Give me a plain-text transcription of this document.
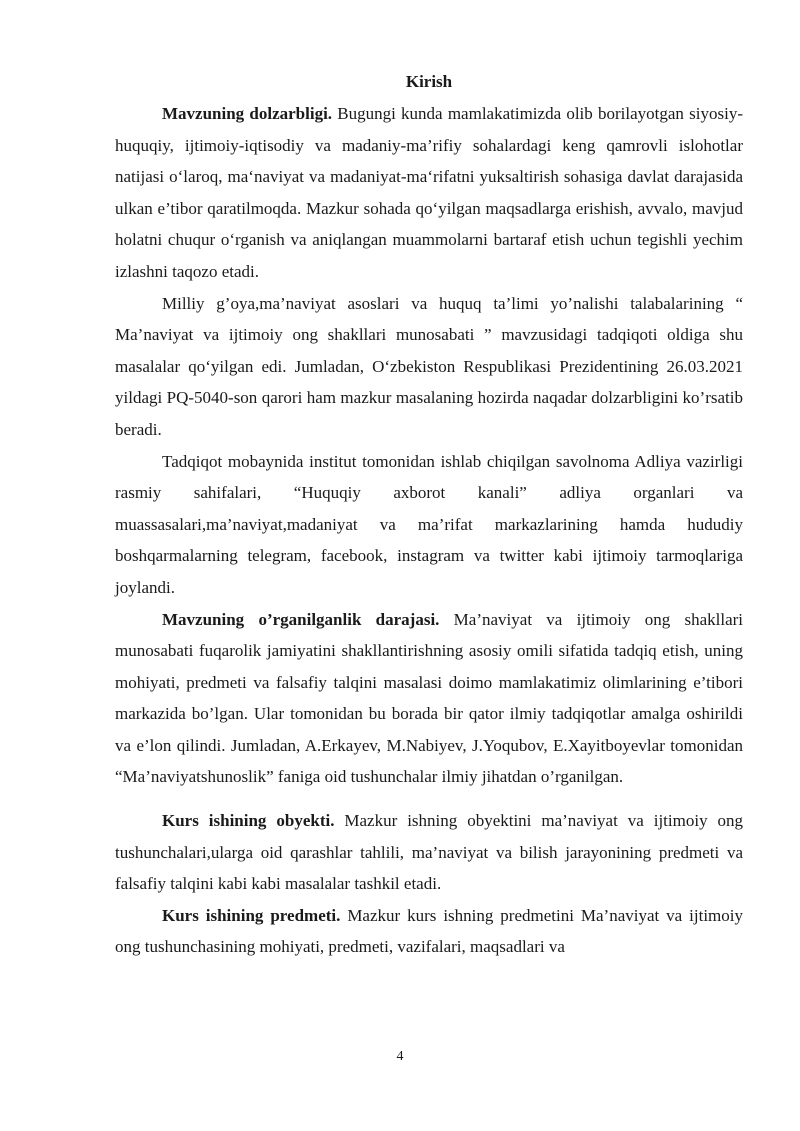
Kirish

Mavzuning dolzarbligi. Bugungi kunda mamlakatimizda olib borilayotgan siyosiy-huquqiy, ijtimoiy-iqtisodiy va madaniy-ma’rifiy sohalardagi keng qamrovli islohotlar natijasi oʻlaroq, maʻnaviyat va madaniyat-maʻrifatni yuksaltirish sohasiga davlat darajasida ulkan e’tibor qaratilmoqda. Mazkur sohada qoʻyilgan maqsadlarga erishish, avvalo, mavjud holatni chuqur oʻrganish va aniqlangan muammolarni bartaraf etish uchun tegishli yechim izlashni taqozo etadi.

Milliy g’oya,ma’naviyat asoslari va huquq ta’limi yo’nalishi talabalarining “ Ma’naviyat va ijtimoiy ong shakllari munosabati ” mavzusidagi tadqiqoti oldiga shu masalalar qoʻyilgan edi. Jumladan, Oʻzbekiston Respublikasi Prezidentining 26.03.2021 yildagi PQ-5040-son qarori ham mazkur masalaning hozirda naqadar dolzarbligini ko’rsatib beradi.

Tadqiqot mobaynida institut tomonidan ishlab chiqilgan savolnoma Adliya vazirligi rasmiy sahifalari, “Huquqiy axborot kanali” adliya organlari va muassasalari,ma’naviyat,madaniyat va ma’rifat markazlarining hamda hududiy boshqarmalarning telegram, facebook, instagram va twitter kabi ijtimoiy tarmoqlariga joylandi.

Mavzuning o’rganilganlik darajasi. Ma’naviyat va ijtimoiy ong shakllari munosabati fuqarolik jamiyatini shakllantirishning asosiy omili sifatida tadqiq etish, uning mohiyati, predmeti va falsafiy talqini masalasi doimo mamlakatimiz olimlarining e’tibori markazida bo’lgan. Ular tomonidan bu borada bir qator ilmiy tadqiqotlar amalga oshirildi va e’lon qilindi. Jumladan, A.Erkayev, M.Nabiyev, J.Yoqubov, E.Xayitboyevlar tomonidan “Ma’naviyatshunoslik” faniga oid tushunchalar ilmiy jihatdan o’rganilgan.

Kurs ishining obyekti. Mazkur ishning obyektini ma’naviyat va ijtimoiy ong tushunchalari,ularga oid qarashlar tahlili, ma’naviyat va bilish jarayonining predmeti va falsafiy talqini kabi kabi masalalar tashkil etadi.

Kurs ishining predmeti. Mazkur kurs ishning predmetini Ma’naviyat va ijtimoiy ong tushunchasining mohiyati, predmeti, vazifalari, maqsadlari va

4
